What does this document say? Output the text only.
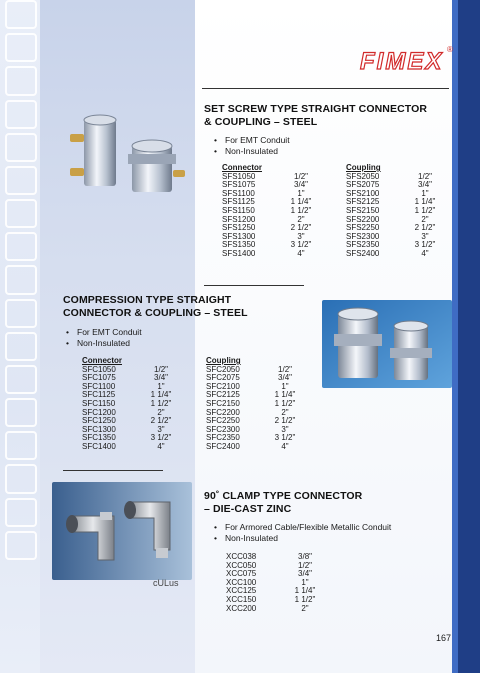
FIMEX ®
SET SCREW TYPE STRAIGHT CONNECTOR
& COUPLING – STEEL
• For EMT Conduit
• Non-Insulated
Connector	
SFS1050	1/2"
SFS1075	3/4"
SFS1100	1"
SFS1125	1 1/4"
SFS1150	1 1/2"
SFS1200	2"
SFS1250	2 1/2"
SFS1300	3"
SFS1350	3 1/2"
SFS1400	4"
Coupling	
SFS2050	1/2"
SFS2075	3/4"
SFS2100	1"
SFS2125	1 1/4"
SFS2150	1 1/2"
SFS2200	2"
SFS2250	2 1/2"
SFS2300	3"
SFS2350	3 1/2"
SFS2400	4"
COMPRESSION TYPE STRAIGHT
CONNECTOR & COUPLING – STEEL
• For EMT Conduit
• Non-Insulated
Connector	
SFC1050	1/2"
SFC1075	3/4"
SFC1100	1"
SFC1125	1 1/4"
SFC1150	1 1/2"
SFC1200	2"
SFC1250	2 1/2"
SFC1300	3"
SFC1350	3 1/2"
SFC1400	4"
Coupling	
SFC2050	1/2"
SFC2075	3/4"
SFC2100	1"
SFC2125	1 1/4"
SFC2150	1 1/2"
SFC2200	2"
SFC2250	2 1/2"
SFC2300	3"
SFC2350	3 1/2"
SFC2400	4"
cULus
90˚ CLAMP TYPE CONNECTOR
– DIE-CAST ZINC
• For Armored Cable/Flexible Metallic Conduit
• Non-Insulated
XCC038	3/8"
XCC050	1/2"
XCC075	3/4"
XCC100	1"
XCC125	1 1/4"
XCC150	1 1/2"
XCC200	2"
167
